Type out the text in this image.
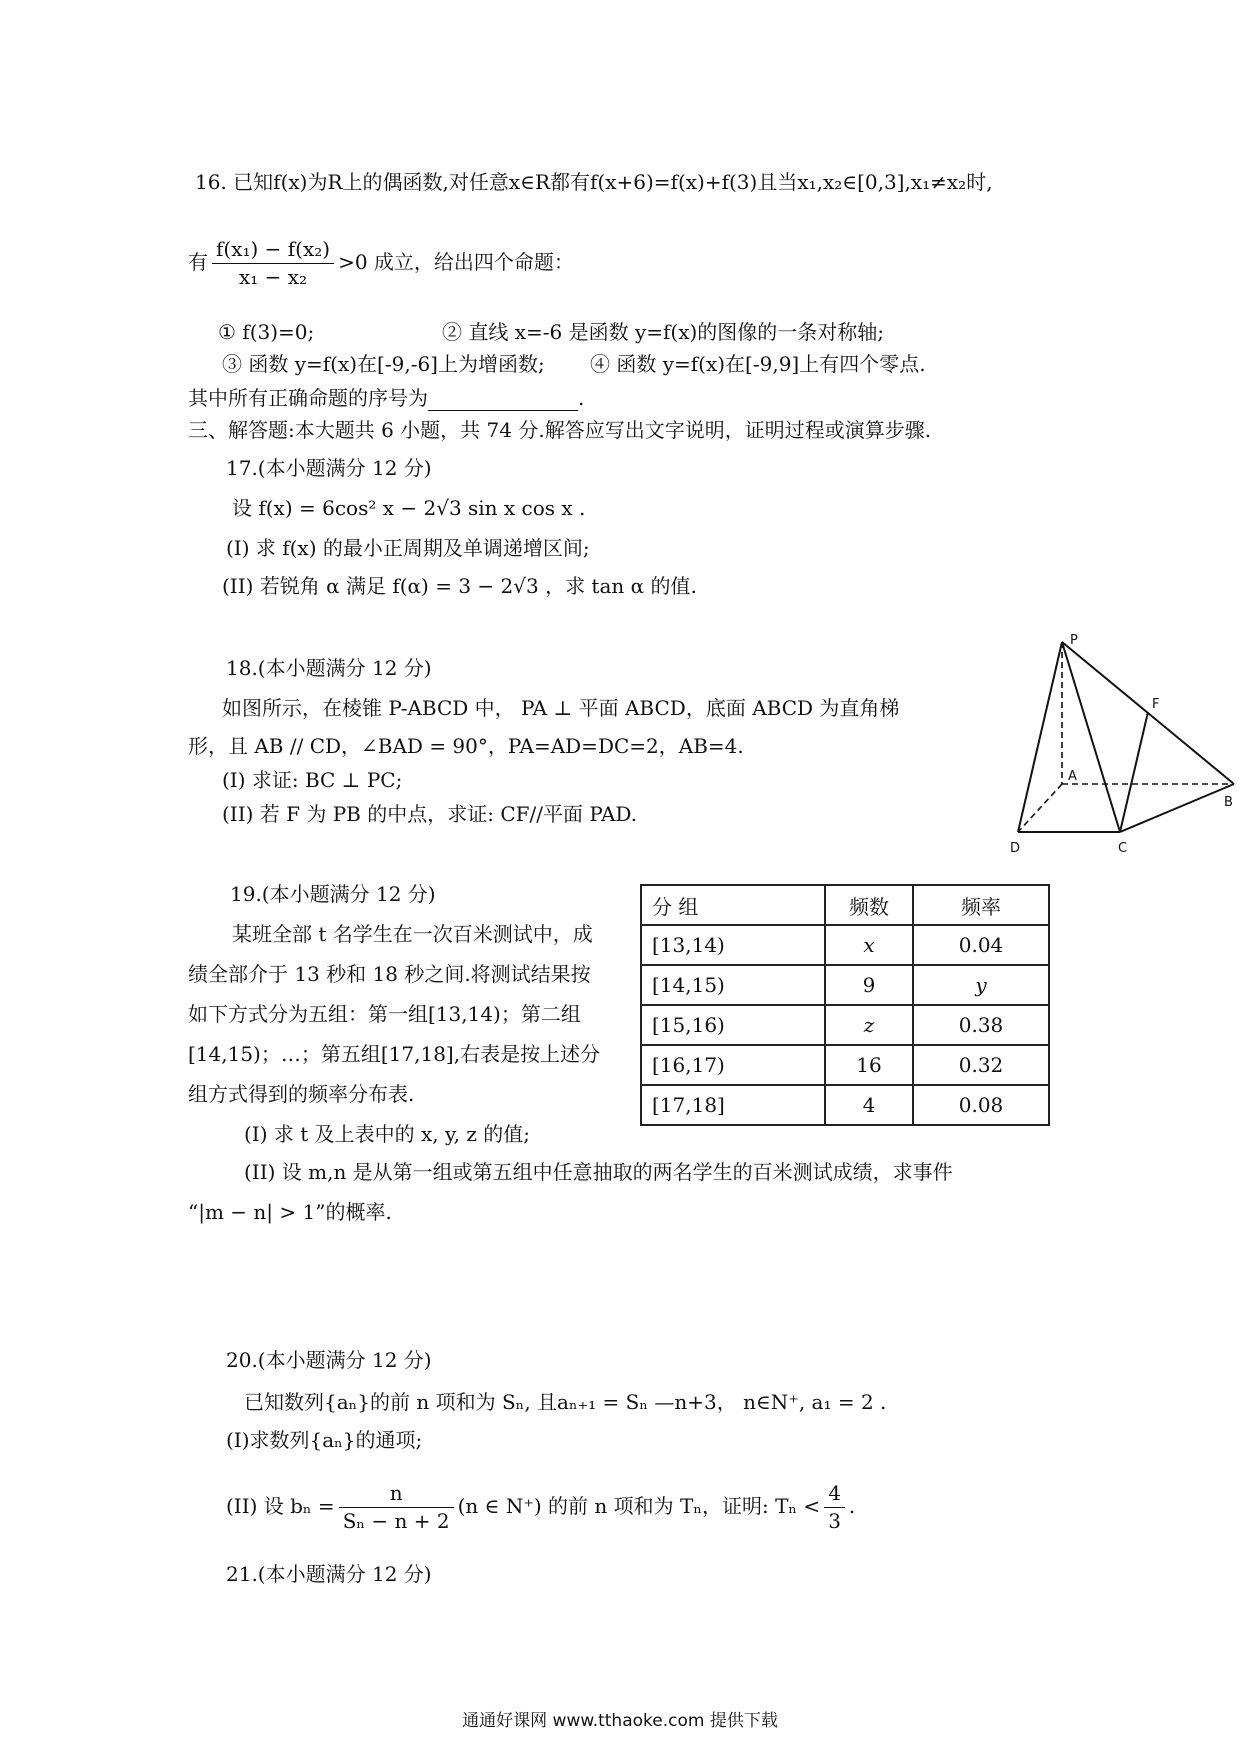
16. 已知f(x)为R上的偶函数,对任意x∈R都有f(x+6)=f(x)+f(3)且当x₁,x₂∈[0,3],x₁≠x₂时,
有 $\frac{\text{f(x₁) − f(x₂)}}{\text{x₁ − x₂}} >0$ 成立，给出四个命题：
① f(3)=0;	② 直线 x=-6 是函数 y=f(x)的图像的一条对称轴;
③ 函数 y=f(x)在[-9,-6]上为增函数; ④ 函数 y=f(x)在[-9,9]上有四个零点.
其中所有正确命题的序号为	.
三、解答题:本大题共 6 小题，共 74 分.解答应写出文字说明，证明过程或演算步骤.
17.(本小题满分 12 分)
设 f(x) = 6cos² x − 2√3 sin x cos x .
(I) 求 f(x) 的最小正周期及单调递增区间;
(II) 若锐角 α 满足 f(α) = 3 − 2√3 ，求 tan α 的值.
18.(本小题满分 12 分)
如图所示，在棱锥 P-ABCD 中， PA ⊥ 平面 ABCD，底面 ABCD 为直角梯
形，且 AB // CD，∠BAD = 90°，PA=AD=DC=2，AB=4.
(I) 求证: BC ⊥ PC;
(II) 若 F 为 PB 的中点，求证: CF//平面 PAD.
P
F
A
B
C
D
19.(本小题满分 12 分)
某班全部 t 名学生在一次百米测试中，成
绩全部介于 13 秒和 18 秒之间.将测试结果按
如下方式分为五组：第一组[13,14)；第二组
[14,15)；…；第五组[17,18],右表是按上述分
组方式得到的频率分布表.
(I) 求 t 及上表中的 x, y, z 的值;
(II) 设 m,n 是从第一组或第五组中任意抽取的两名学生的百米测试成绩，求事件
“|m − n| > 1”的概率.
分 组	频数	频率
[13,14)	x	0.04
[14,15)	9	y
[15,16)	z	0.38
[16,17)	16	0.32
[17,18]	4	0.08
20.(本小题满分 12 分)
已知数列{aₙ}的前 n 项和为 Sₙ, 且aₙ₊₁ = Sₙ —n+3， n∈N⁺, a₁ = 2 .
(I)求数列{aₙ}的通项;
(II) 设 $b_n = \frac{n}{\text{Sₙ − n + 2}} (n$ ∈ N⁺) 的前 n 项和为 Tₙ，证明: $T_n < \frac{4}{3}$ .
21.(本小题满分 12 分)
通通好课网 www.tthaoke.com 提供下载
